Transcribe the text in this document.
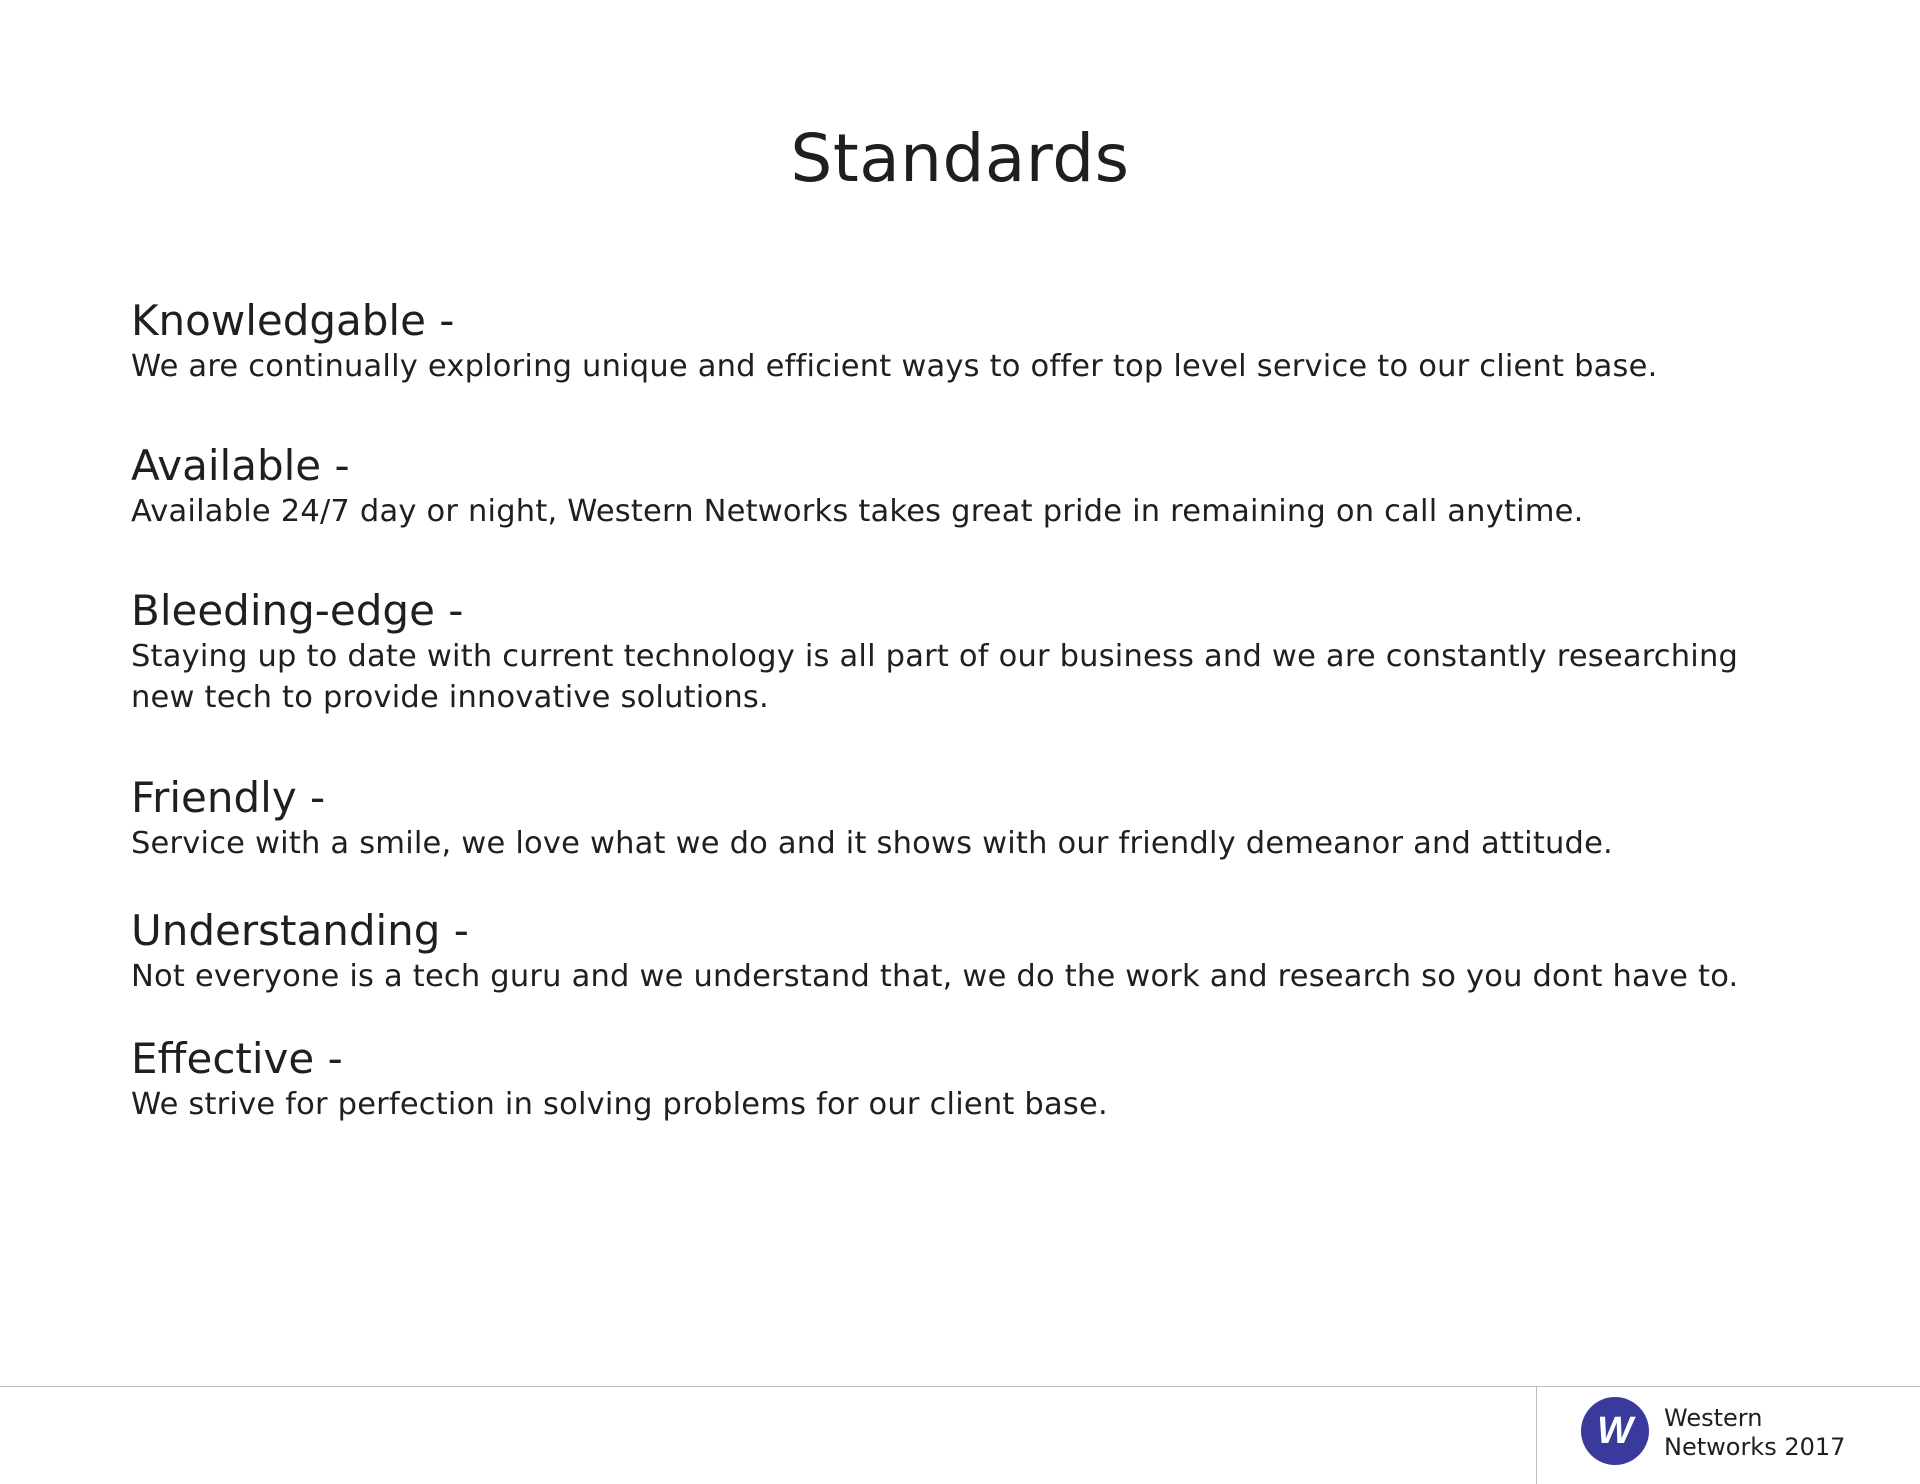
Standards
Knowledgable -

We are continually exploring unique and efficient ways to offer top level service to our client base.

Available -

Available 24/7 day or night, Western Networks takes great pride in remaining on call anytime.

Bleeding-edge -

Staying up to date with current technology is all part of our business and we are constantly researching
new tech to provide innovative solutions.

Friendly -

Service with a smile, we love what we do and it shows with our friendly demeanor and attitude.

Understanding -

Not everyone is a tech guru and we understand that, we do the work and research so you dont have to.

Effective -

We strive for perfection in solving problems for our client base.

W Western
Networks 2017
